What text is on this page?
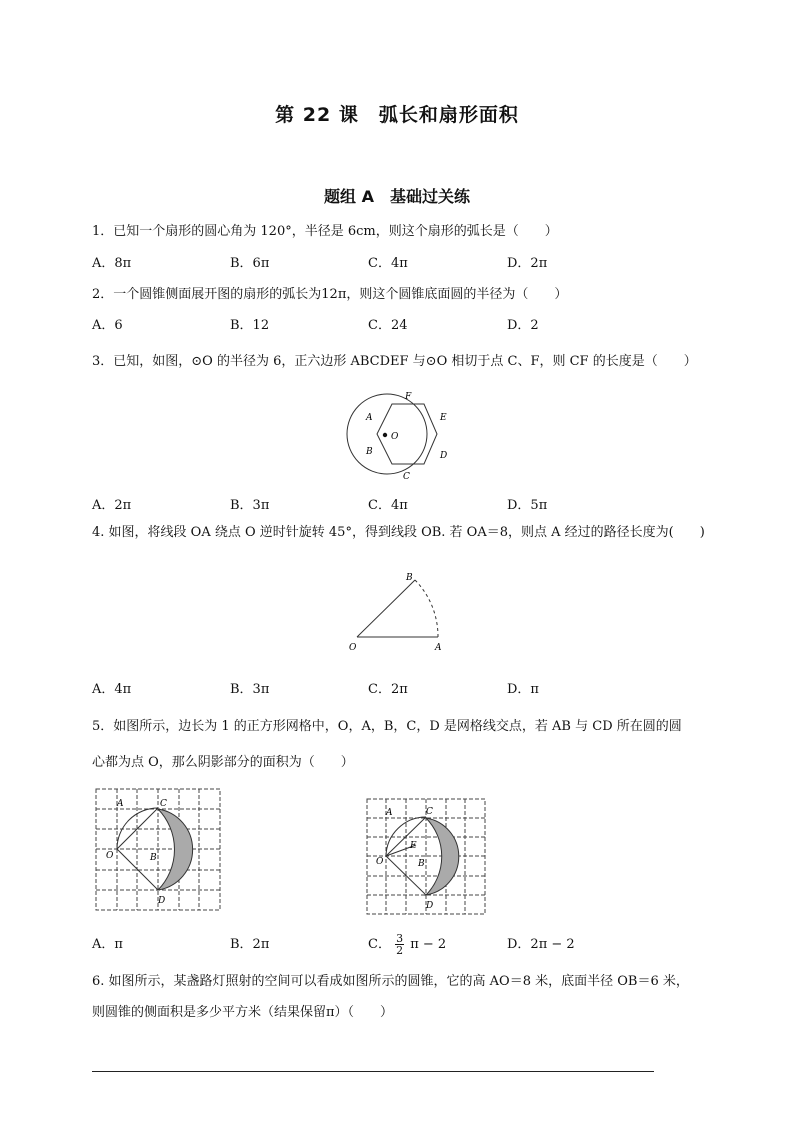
第 22 课　弧长和扇形面积
题组 A　基础过关练
1．已知一个扇形的圆心角为 120°，半径是 6cm，则这个扇形的弧长是（　　）
A．8π	B．6π	C．4π	D．2π
2．一个圆锥侧面展开图的扇形的弧长为12π，则这个圆锥底面圆的半径为（　　）
A．6	B．12	C．24	D．2
3．已知，如图，⊙O 的半径为 6，正六边形 ABCDEF 与⊙O 相切于点 C、F，则 CF 的长度是（　　）
O
A
B
C
D
E
F
A．2π	B．3π	C．4π	D．5π
4. 如图，将线段 OA 绕点 O 逆时针旋转 45°，得到线段 OB. 若 OA＝8，则点 A 经过的路径长度为(　　)
O	A
B
A．4π	B．3π	C．2π	D．π
5．如图所示，边长为 1 的正方形网格中，O，A，B，C，D 是网格线交点，若 AB 与 CD 所在圆的圆
心都为点 O，那么阴影部分的面积为（　　）
O
A
B
C
D
O
A
E
B
C
D
A．π	B．2π	C． $\frac{3}{2}$ π − 2	D．2π − 2
6. 如图所示，某盏路灯照射的空间可以看成如图所示的圆锥，它的高 AO＝8 米，底面半径 OB＝6 米，
则圆锥的侧面积是多少平方米（结果保留π）（　　）
